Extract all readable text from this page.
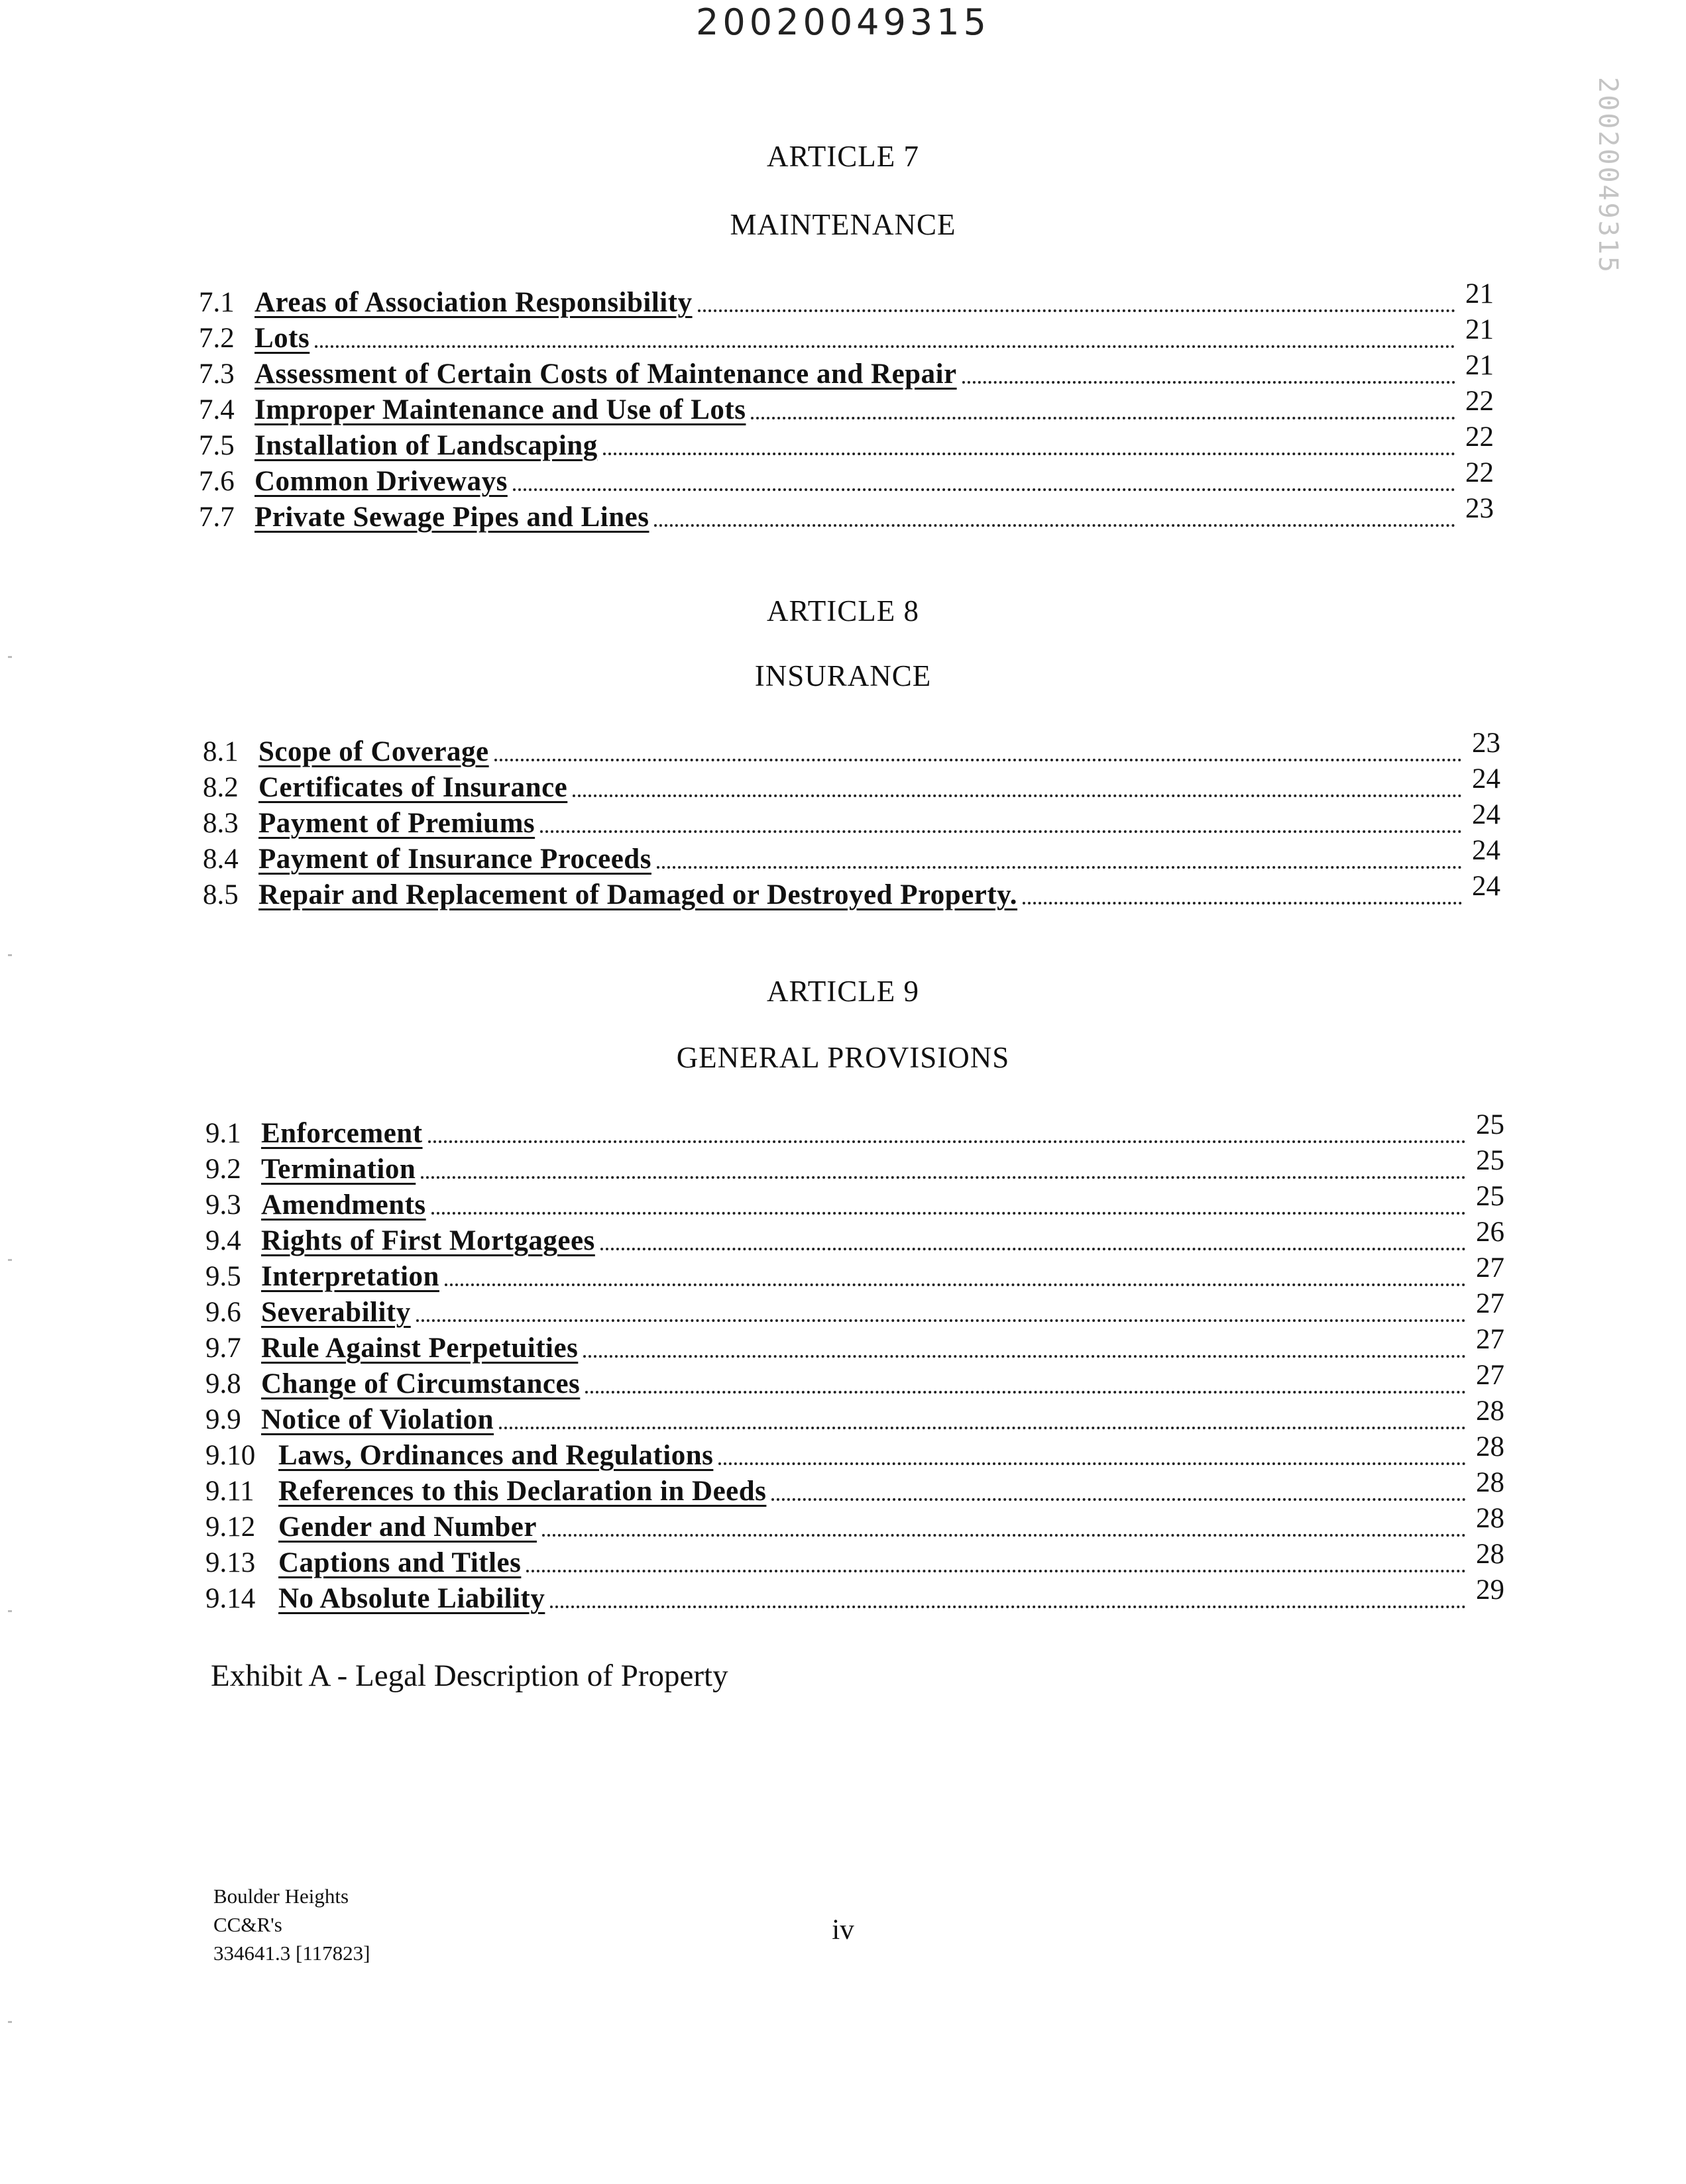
20020049315
20020049315
ARTICLE 7
MAINTENANCE
7.1 Areas of Association Responsibility	21
7.2 Lots	21
7.3 Assessment of Certain Costs of Maintenance and Repair	21
7.4 Improper Maintenance and Use of Lots	22
7.5 Installation of Landscaping	22
7.6 Common Driveways	22
7.7 Private Sewage Pipes and Lines	23
ARTICLE 8
INSURANCE
8.1 Scope of Coverage	23
8.2 Certificates of Insurance	24
8.3 Payment of Premiums	24
8.4 Payment of Insurance Proceeds	24
8.5 Repair and Replacement of Damaged or Destroyed Property.	24
ARTICLE 9
GENERAL PROVISIONS
9.1 Enforcement	25
9.2 Termination	25
9.3 Amendments	25
9.4 Rights of First Mortgagees	26
9.5 Interpretation	27
9.6 Severability	27
9.7 Rule Against Perpetuities	27
9.8 Change of Circumstances	27
9.9 Notice of Violation	28
9.10 Laws, Ordinances and Regulations	28
9.11 References to this Declaration in Deeds	28
9.12 Gender and Number	28
9.13 Captions and Titles	28
9.14 No Absolute Liability	29
Exhibit A - Legal Description of Property
Boulder Heights
CC&R's
334641.3 [117823]
iv
